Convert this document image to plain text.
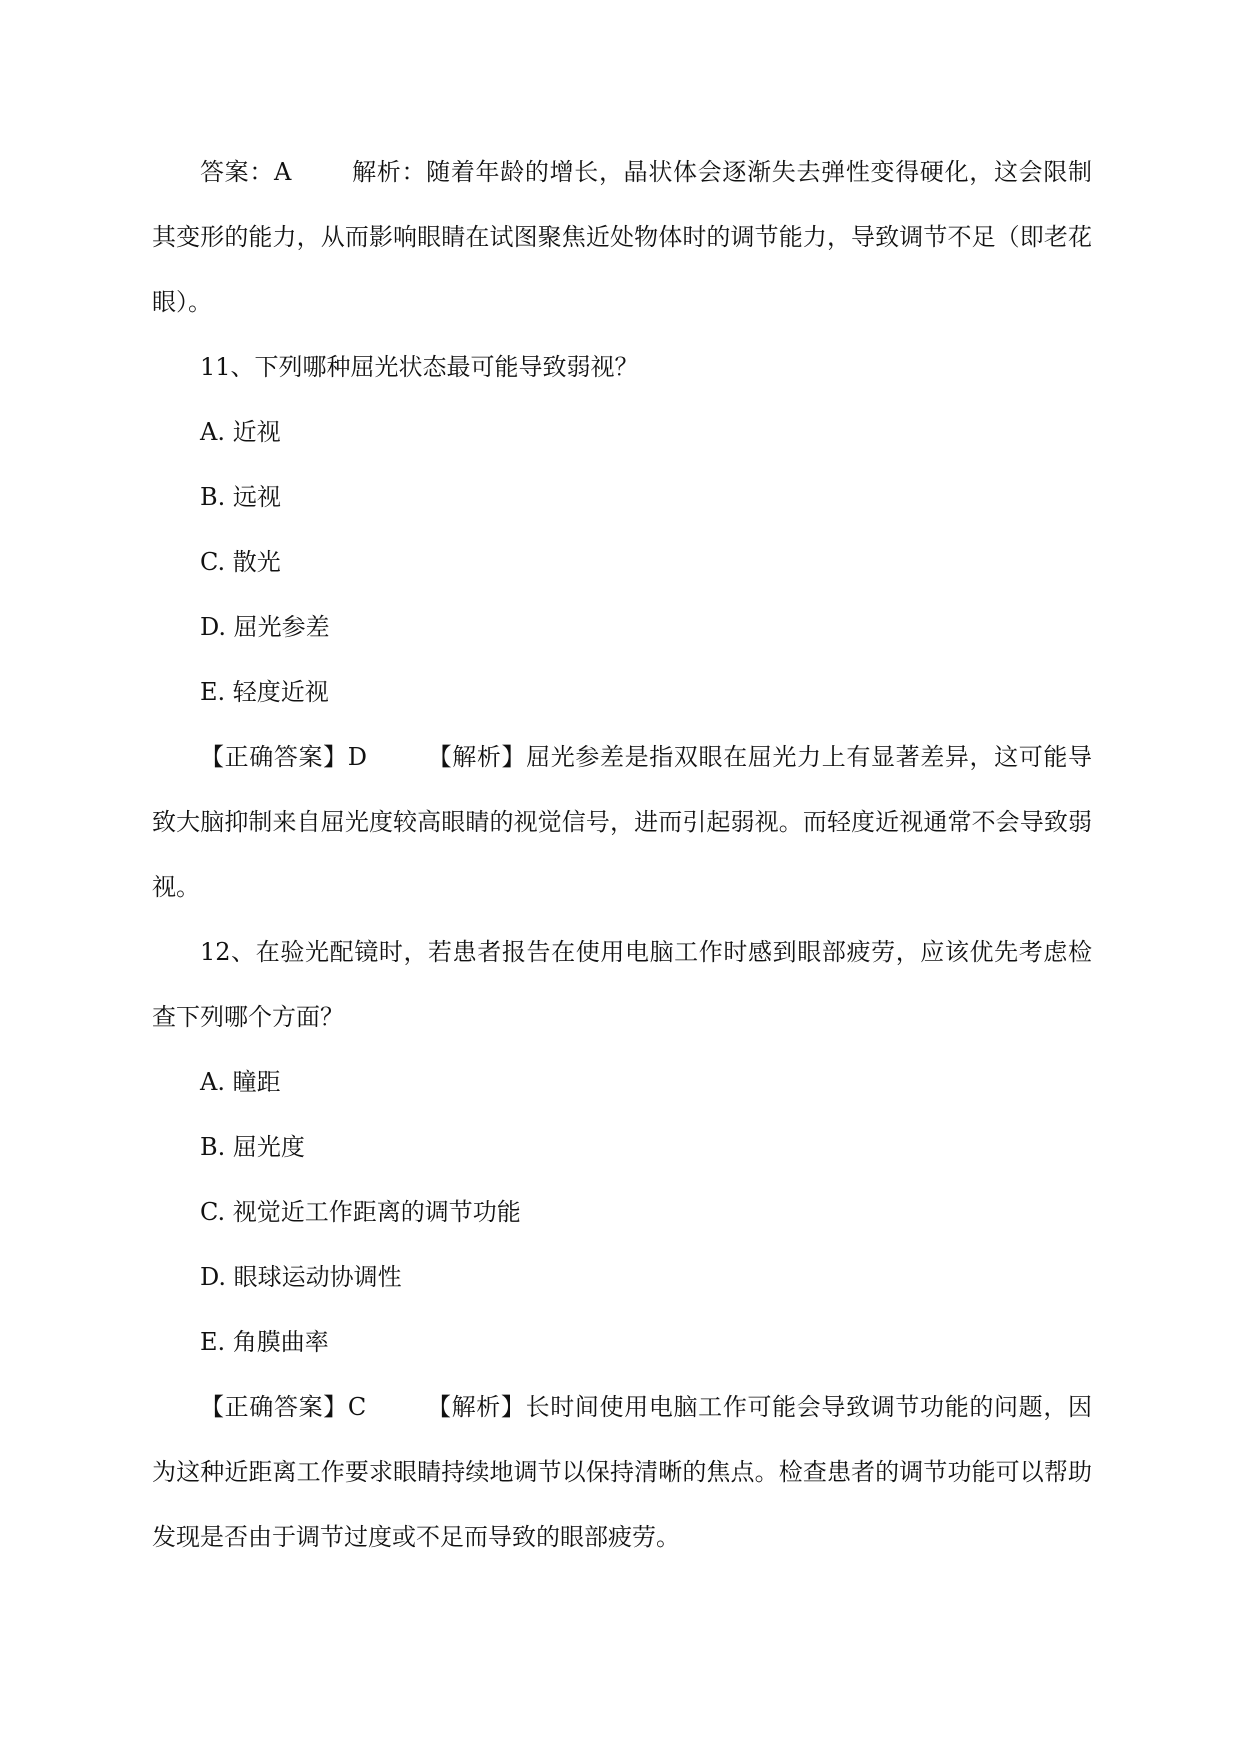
答案：A	解析：随着年龄的增长，晶状体会逐渐失去弹性变得硬化，这会限制其变形的能力，从而影响眼睛在试图聚焦近处物体时的调节能力，导致调节不足（即老花眼）。

11、下列哪种屈光状态最可能导致弱视？

A. 近视

B. 远视

C. 散光

D. 屈光参差

E. 轻度近视

【正确答案】D	【解析】屈光参差是指双眼在屈光力上有显著差异，这可能导致大脑抑制来自屈光度较高眼睛的视觉信号，进而引起弱视。而轻度近视通常不会导致弱视。

12、在验光配镜时，若患者报告在使用电脑工作时感到眼部疲劳，应该优先考虑检查下列哪个方面？

A. 瞳距

B. 屈光度

C. 视觉近工作距离的调节功能

D. 眼球运动协调性

E. 角膜曲率

【正确答案】C	【解析】长时间使用电脑工作可能会导致调节功能的问题，因为这种近距离工作要求眼睛持续地调节以保持清晰的焦点。检查患者的调节功能可以帮助发现是否由于调节过度或不足而导致的眼部疲劳。
